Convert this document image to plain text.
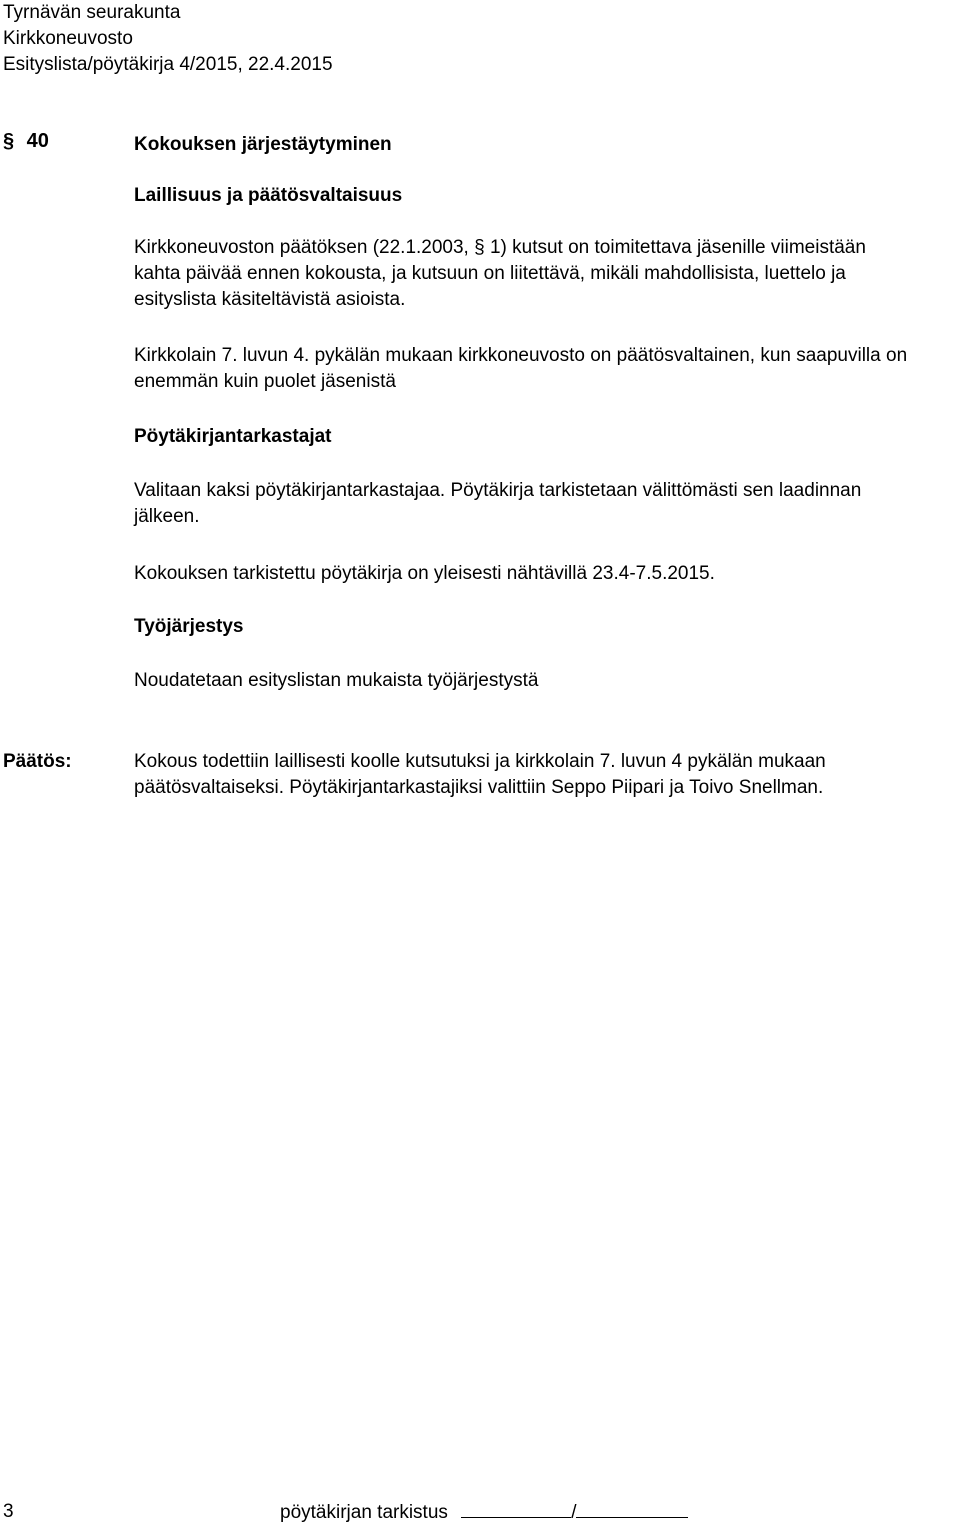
Tyrnävän seurakunta
Kirkkoneuvosto
Esityslista/pöytäkirja 4/2015, 22.4.2015
§ 40	Kokouksen järjestäytyminen
Laillisuus ja päätösvaltaisuus
Kirkkoneuvoston päätöksen (22.1.2003, § 1) kutsut on toimitettava jäsenille viimeistään
kahta päivää ennen kokousta, ja kutsuun on liitettävä, mikäli mahdollisista, luettelo ja
esityslista käsiteltävistä asioista.
Kirkkolain 7. luvun 4. pykälän mukaan kirkkoneuvosto on päätösvaltainen, kun saapuvilla on
enemmän kuin puolet jäsenistä
Pöytäkirjantarkastajat
Valitaan kaksi pöytäkirjantarkastajaa. Pöytäkirja tarkistetaan välittömästi sen laadinnan
jälkeen.
Kokouksen tarkistettu pöytäkirja on yleisesti nähtävillä 23.4-7.5.2015.
Työjärjestys
Noudatetaan esityslistan mukaista työjärjestystä
Päätös:	Kokous todettiin laillisesti koolle kutsutuksi ja kirkkolain 7. luvun 4 pykälän mukaan
päätösvaltaiseksi. Pöytäkirjantarkastajiksi valittiin Seppo Piipari ja Toivo Snellman.
3	pöytäkirjan tarkistus	/
